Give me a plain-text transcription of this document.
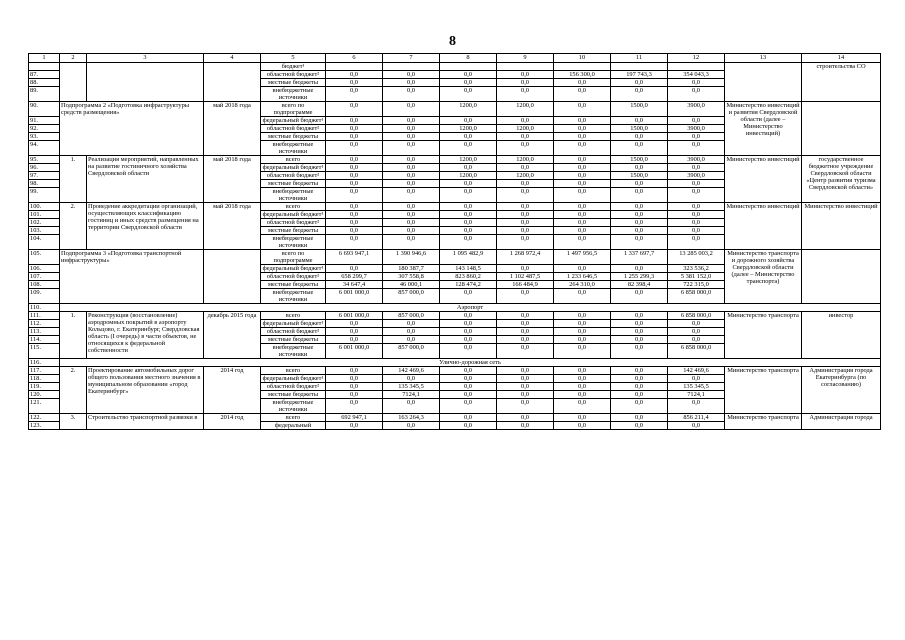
8
1	2	3	4	5	6	7	8	9	10	11	12	13	14
				бюджет¹									строительства СО
87.				областной бюджет²	0,0	0,0	0,0	0,0	156 300,0	197 743,3	354 043,3		
88.				местные бюджеты	0,0	0,0	0,0	0,0	0,0	0,0	0,0		
89.				внебюджетные источники	0,0	0,0	0,0	0,0	0,0	0,0	0,0		
90.	Подпрограмма 2 «Подготовка инфраструктуры средств размещения»		май 2018 года	всего по подпрограмме	0,0	0,0	1200,0	1200,0	0,0	1500,0	3900,0	Министерство инвестиций и развития Свердловской области (далее – Министерство инвестиций)	
91.				федеральный бюджет¹	0,0	0,0	0,0	0,0	0,0	0,0	0,0		
92.				областной бюджет²	0,0	0,0	1200,0	1200,0	0,0	1500,0	3900,0		
93.				местные бюджеты	0,0	0,0	0,0	0,0	0,0	0,0	0,0		
94.				внебюджетные источники	0,0	0,0	0,0	0,0	0,0	0,0	0,0		
95.	1.	Реализация мероприятий, направленных на развитие гостиничного хозяйства Свердловской области	май 2018 года	всего	0,0	0,0	1200,0	1200,0	0,0	1500,0	3900,0	Министерство инвестиций	государственное бюджетное учреждение Свердловской области «Центр развития туризма Свердловской области»
96.				федеральный бюджет¹	0,0	0,0	0,0	0,0	0,0	0,0	0,0		
97.				областной бюджет²	0,0	0,0	1200,0	1200,0	0,0	1500,0	3900,0		
98.				местные бюджеты	0,0	0,0	0,0	0,0	0,0	0,0	0,0		
99.				внебюджетные источники	0,0	0,0	0,0	0,0	0,0	0,0	0,0		
100.	2.	Проведение аккредитации организаций, осуществляющих классификацию гостиниц и иных средств размещения на территории Свердловской области	май 2018 года	всего	0,0	0,0	0,0	0,0	0,0	0,0	0,0	Министерство инвестиций	Министерство инвестиций
101.				федеральный бюджет¹	0,0	0,0	0,0	0,0	0,0	0,0	0,0		
102.				областной бюджет²	0,0	0,0	0,0	0,0	0,0	0,0	0,0		
103.				местные бюджеты	0,0	0,0	0,0	0,0	0,0	0,0	0,0		
104.				внебюджетные источники	0,0	0,0	0,0	0,0	0,0	0,0	0,0		
105.	Подпрограмма 3 «Подготовка транспортной инфраструктуры»			всего по подпрограмме	6 693 947,1	1 390 946,6	1 095 482,9	1 268 972,4	1 497 956,5	1 337 697,7	13 285 003,2	Министерство транспорта и дорожного хозяйства Свердловской области (далее – Министерство транспорта)	
106.				федеральный бюджет¹	0,0	180 387,7	143 148,5	0,0	0,0	0,0	323 536,2		
107.				областной бюджет²	658 299,7	307 558,8	823 860,2	1 102 487,5	1 233 646,5	1 255 299,3	5 381 152,0		
108.				местные бюджеты	34 647,4	46 000,1	128 474,2	166 484,9	264 310,0	82 398,4	722 315,0		
109.				внебюджетные источники	6 001 000,0	857 000,0	0,0	0,0	0,0	0,0	6 858 000,0		
110.	Аэропорт												
111.	1.	Реконструкция (восстановление) аэродромных покрытий в аэропорту Кольцово, г. Екатеринбург, Свердловская область (I очередь) в части объектов, не относящихся к федеральной собственности	декабрь 2015 года	всего	6 001 000,0	857 000,0	0,0	0,0	0,0	0,0	6 858 000,0	Министерство транспорта	инвестор
112.				федеральный бюджет¹	0,0	0,0	0,0	0,0	0,0	0,0	0,0		
113.				областной бюджет²	0,0	0,0	0,0	0,0	0,0	0,0	0,0		
114.				местные бюджеты	0,0	0,0	0,0	0,0	0,0	0,0	0,0		
115.				внебюджетные источники	6 001 000,0	857 000,0	0,0	0,0	0,0	0,0	6 858 000,0		
116.	Улично-дорожная сеть												
117.	2.	Проектирование автомобильных дорог общего пользования местного значения в муниципальном образовании «город Екатеринбург»	2014 год	всего	0,0	142 469,6	0,0	0,0	0,0	0,0	142 469,6	Министерство транспорта	Администрация города Екатеринбурга (по согласованию)
118.				федеральный бюджет¹	0,0	0,0	0,0	0,0	0,0	0,0	0,0		
119.				областной бюджет²	0,0	135 345,5	0,0	0,0	0,0	0,0	135 345,5		
120.				местные бюджеты	0,0	7124,1	0,0	0,0	0,0	0,0	7124,1		
121.				внебюджетные источники	0,0	0,0	0,0	0,0	0,0	0,0	0,0		
122.	3.	Строительство транспортной развязки в	2014 год	всего	692 947,1	163 264,3	0,0	0,0	0,0	0,0	856 211,4	Министерство транспорта	Администрация города
123.				федеральный	0,0	0,0	0,0	0,0	0,0	0,0	0,0		
